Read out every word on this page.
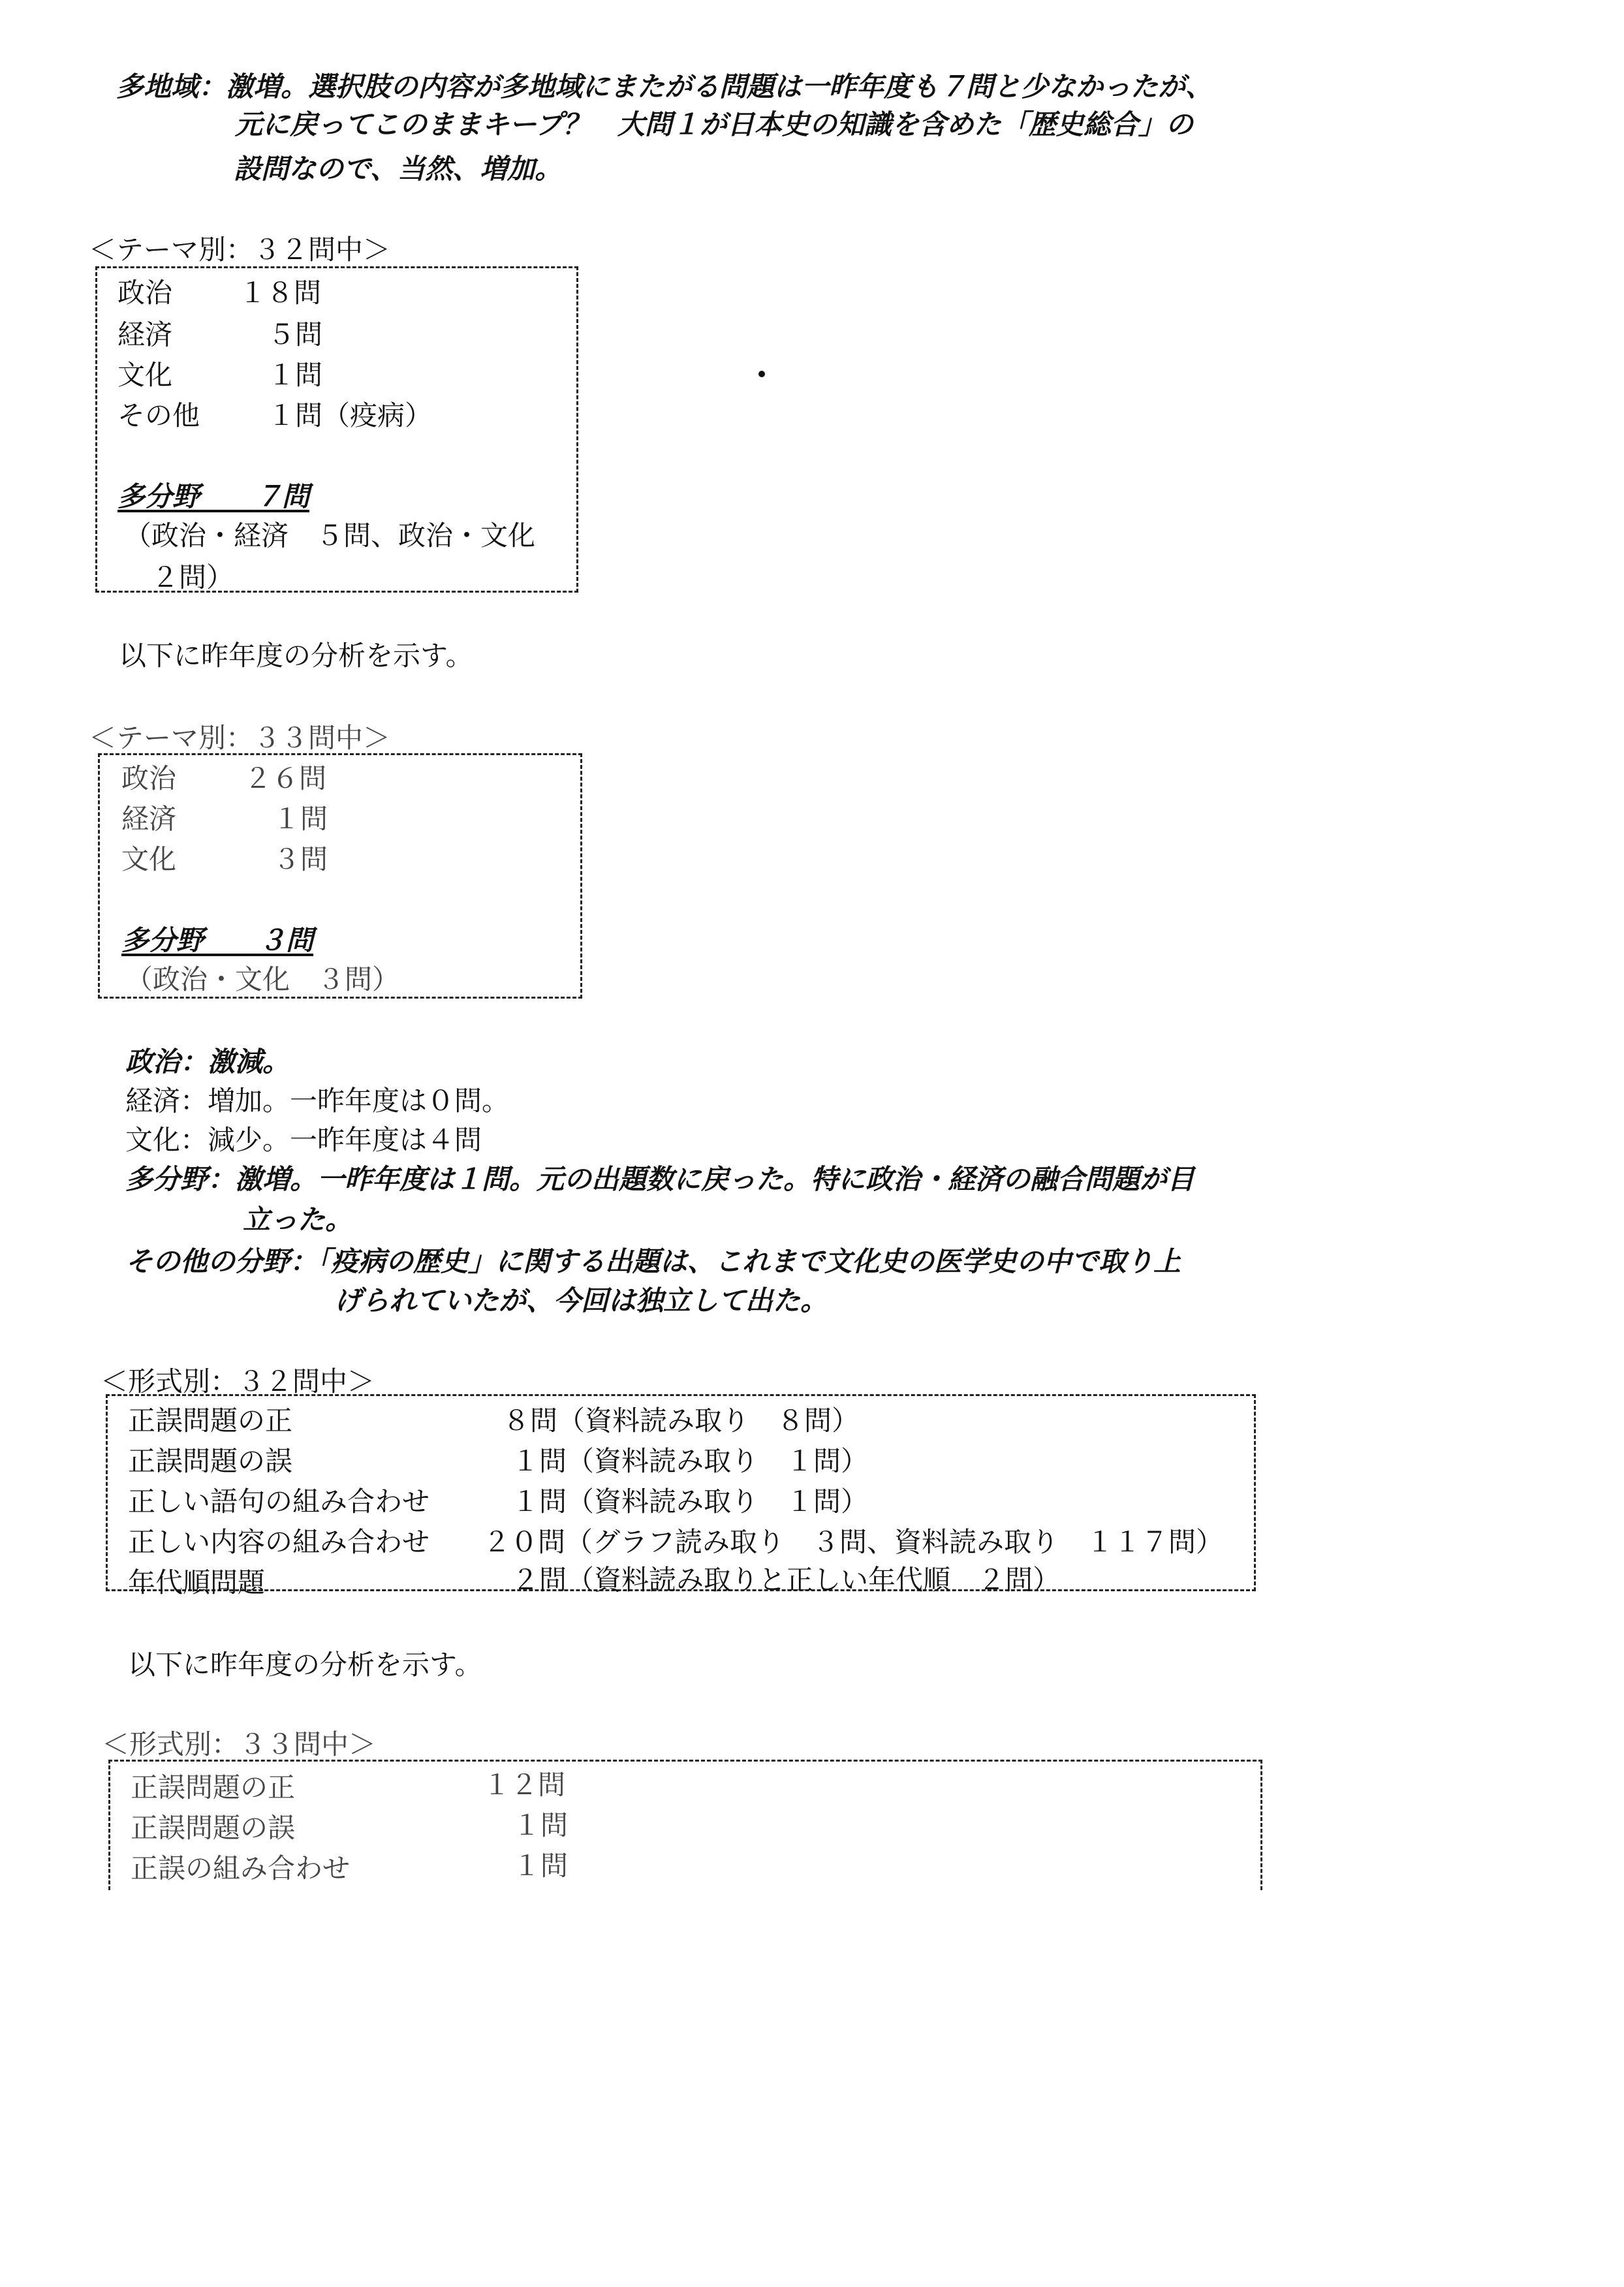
多地域：激増。選択肢の内容が多地域にまたがる問題は一昨年度も７問と少なかったが、
元に戻ってこのままキープ？　大問１が日本史の知識を含めた「歴史総合」の
設問なので、当然、増加。
＜テーマ別：３２問中＞
政治 １８問
経済	５問
文化	１問
その他 １問（疫病）
多分野　　 ７問
（政治・経済　５問、政治・文化
２問）
以下に昨年度の分析を示す。
＜テーマ別：３３問中＞
政治 ２６問
経済	１問
文化	３問
多分野　　 ３問
（政治・文化　３問）
政治：激減。
経済：増加。一昨年度は０問。
文化：減少。一昨年度は４問
多分野：激増。一昨年度は１問。元の出題数に戻った。特に政治・経済の融合問題が目
立った。
その他の分野：「疫病の歴史」に関する出題は、これまで文化史の医学史の中で取り上
げられていたが、今回は独立して出た。
＜形式別：３２問中＞
正誤問題の正	８問（資料読み取り　８問）
正誤問題の誤	１問（資料読み取り　１問）
正しい語句の組み合わせ	１問（資料読み取り　１問）
正しい内容の組み合わせ ２０問（グラフ読み取り　３問、資料読み取り　１１７問）
年代順問題	２問（資料読み取りと正しい年代順　２問）
以下に昨年度の分析を示す。
＜形式別：３３問中＞
正誤問題の正	１２問
正誤問題の誤	１問
正誤の組み合わせ	１問
